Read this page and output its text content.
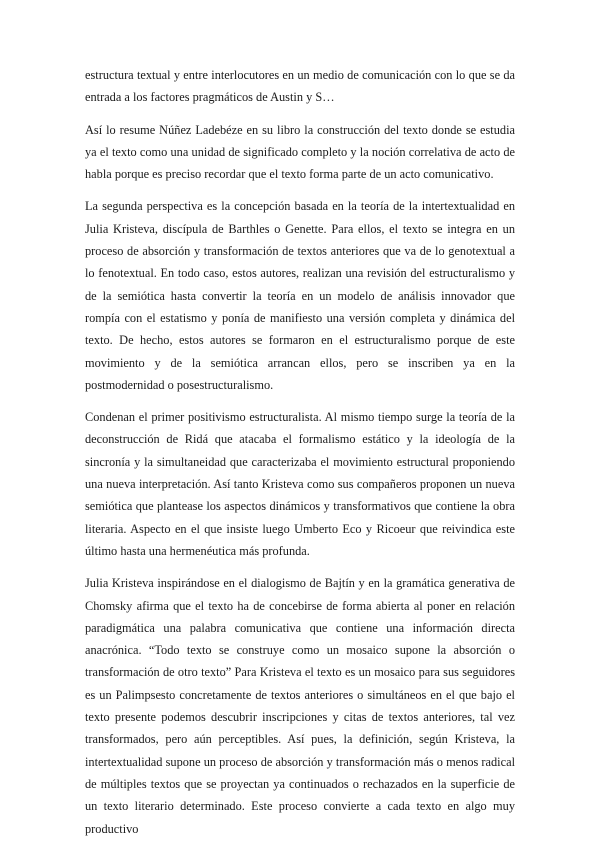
estructura textual y entre interlocutores en un medio de comunicación con lo que se da entrada a los factores pragmáticos de Austin y S…

Así lo resume Núñez Ladebéze en su libro la construcción del texto donde se estudia ya el texto como una unidad de significado completo y la noción correlativa de acto de habla porque es preciso recordar que el texto forma parte de un acto comunicativo.

La segunda perspectiva es la concepción basada en la teoría de la intertextualidad en Julia Kristeva, discípula de Barthles o Genette. Para ellos, el texto se integra en un proceso de absorción y transformación de textos anteriores que va de lo genotextual a lo fenotextual. En todo caso, estos autores, realizan una revisión del estructuralismo y de la semiótica hasta convertir la teoría en un modelo de análisis innovador que rompía con el estatismo y ponía de manifiesto una versión completa y dinámica del texto. De hecho, estos autores se formaron en el estructuralismo porque de este movimiento y de la semiótica arrancan ellos, pero se inscriben ya en la postmodernidad o posestructuralismo.

Condenan el primer positivismo estructuralista. Al mismo tiempo surge la teoría de la deconstrucción de Ridá que atacaba el formalismo estático y la ideología de la sincronía y la simultaneidad que caracterizaba el movimiento estructural proponiendo una nueva interpretación. Así tanto Kristeva como sus compañeros proponen un nueva semiótica que plantease los aspectos dinámicos y transformativos que contiene la obra literaria. Aspecto en el que insiste luego Umberto Eco y Ricoeur que reivindica este último hasta una hermenéutica más profunda.

Julia Kristeva inspirándose en el dialogismo de Bajtín y en la gramática generativa de Chomsky afirma que el texto ha de concebirse de forma abierta al poner en relación paradigmática una palabra comunicativa que contiene una información directa anacrónica. “Todo texto se construye como un mosaico supone la absorción o transformación de otro texto” Para Kristeva el texto es un mosaico para sus seguidores es un Palimpsesto concretamente de textos anteriores o simultáneos en el que bajo el texto presente podemos descubrir inscripciones y citas de textos anteriores, tal vez transformados, pero aún perceptibles. Así pues, la definición, según Kristeva, la intertextualidad supone un proceso de absorción y transformación más o menos radical de múltiples textos que se proyectan ya continuados o rechazados en la superficie de un texto literario determinado. Este proceso convierte a cada texto en algo muy productivo
